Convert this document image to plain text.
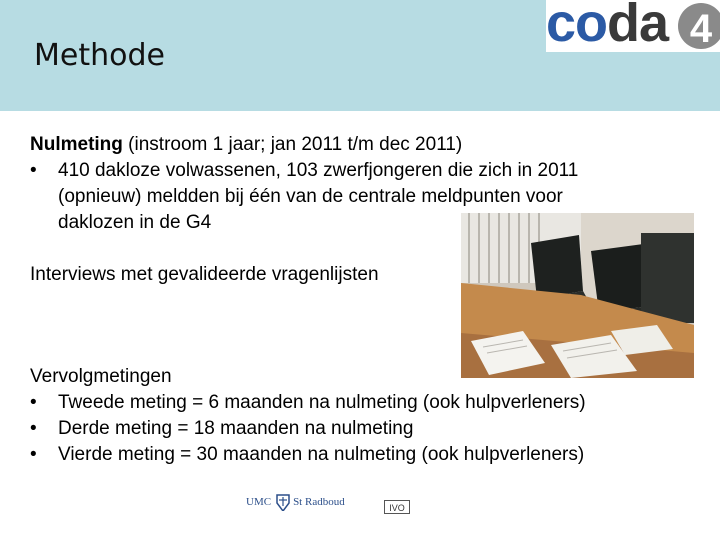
Methode
coda 4
Nulmeting (instroom 1 jaar; jan 2011 t/m dec 2011)
• 410 dakloze volwassenen, 103 zwerfjongeren die zich in 2011
(opnieuw) meldden bij één van de centrale meldpunten voor
daklozen in de G4
Interviews met gevalideerde vragenlijsten
Vervolgmetingen
• Tweede meting = 6 maanden na nulmeting (ook hulpverleners)
• Derde meting = 18 maanden na nulmeting
• Vierde meting = 30 maanden na nulmeting (ook hulpverleners)
UMC St Radboud	IVO
